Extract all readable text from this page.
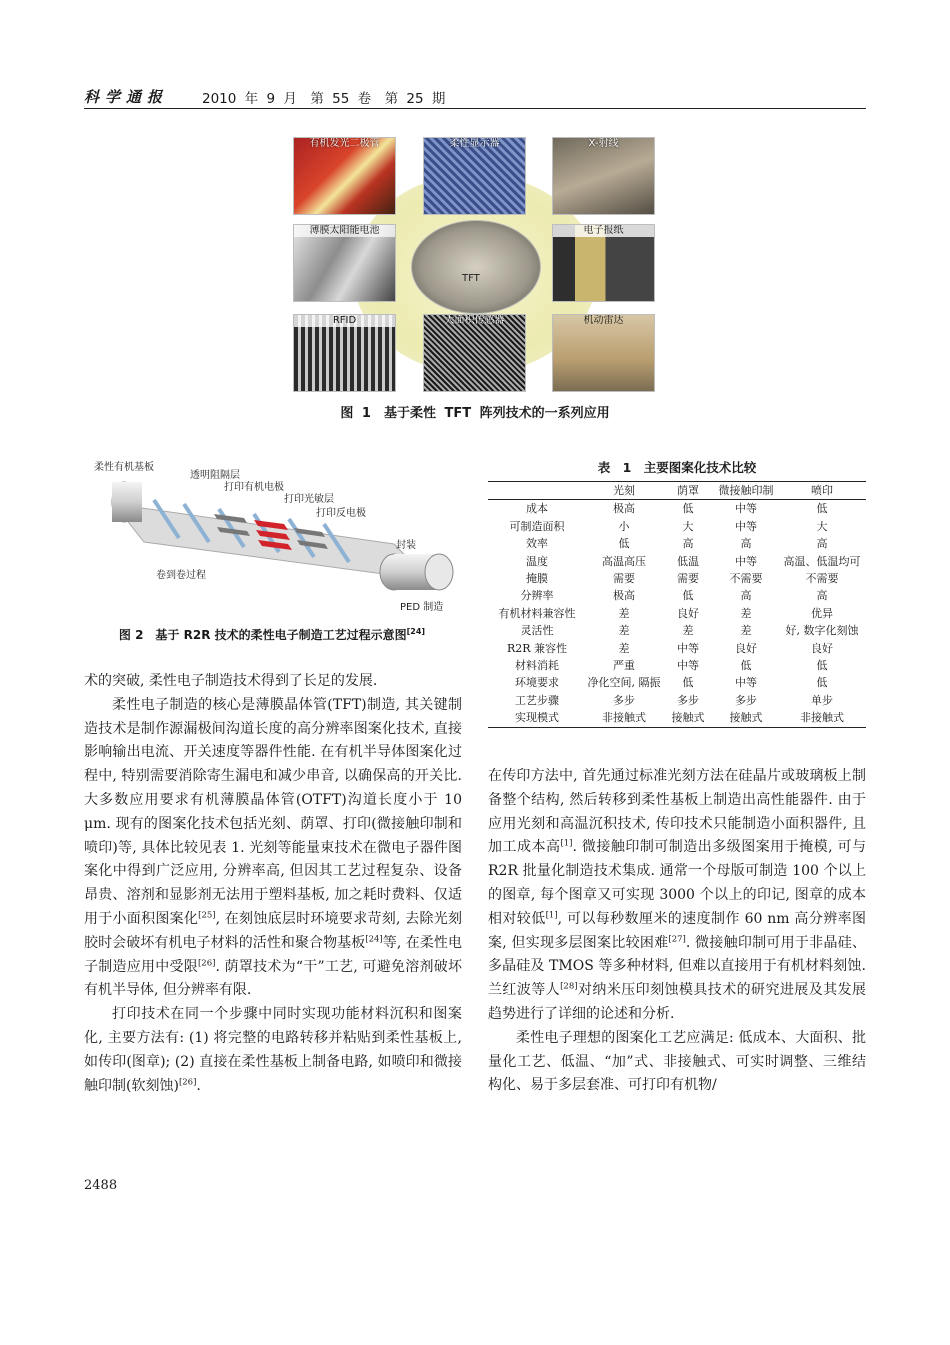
科学通报	2010 年 9 月　第 55 卷　第 25 期
有机发光二极管	柔性显示器	X-射线
薄膜太阳能电池
TFT
电子报纸
RFID	大面积传感器	机动雷达
图 1　基于柔性 TFT 阵列技术的一系列应用
柔性有机基板
透明阻隔层
打印有机电极
打印光敏层
打印反电极
封装
卷到卷过程
PED 制造
图 2　基于 R2R 技术的柔性电子制造工艺过程示意图[24]
表 1　主要图案化技术比较
	光刻	荫罩	微接触印制	喷印
成本	极高	低	中等	低
可制造面积	小	大	中等	大
效率	低	高	高	高
温度	高温高压	低温	中等	高温、低温均可
掩膜	需要	需要	不需要	不需要
分辨率	极高	低	高	高
有机材料兼容性	差	良好	差	优异
灵活性	差	差	差	好, 数字化刻蚀
R2R 兼容性	差	中等	良好	良好
材料消耗	严重	中等	低	低
环境要求	净化空间, 隔振	低	中等	低
工艺步骤	多步	多步	多步	单步
实现模式	非接触式	接触式	接触式	非接触式

术的突破, 柔性电子制造技术得到了长足的发展.

柔性电子制造的核心是薄膜晶体管(TFT)制造, 其关键制造技术是制作源漏极间沟道长度的高分辨率图案化技术, 直接影响输出电流、开关速度等器件性能. 在有机半导体图案化过程中, 特别需要消除寄生漏电和减少串音, 以确保高的开关比. 大多数应用要求有机薄膜晶体管(OTFT)沟道长度小于 10 μm. 现有的图案化技术包括光刻、荫罩、打印(微接触印制和喷印)等, 具体比较见表 1. 光刻等能量束技术在微电子器件图案化中得到广泛应用, 分辨率高, 但因其工艺过程复杂、设备昂贵、溶剂和显影剂无法用于塑料基板, 加之耗时费料、仅适用于小面积图案化[25], 在刻蚀底层时环境要求苛刻, 去除光刻胶时会破坏有机电子材料的活性和聚合物基板[24]等, 在柔性电子制造应用中受限[26]. 荫罩技术为“干”工艺, 可避免溶剂破坏有机半导体, 但分辨率有限.

打印技术在同一个步骤中同时实现功能材料沉积和图案化, 主要方法有: (1) 将完整的电路转移并粘贴到柔性基板上, 如传印(图章); (2) 直接在柔性基板上制备电路, 如喷印和微接触印制(软刻蚀)[26].

在传印方法中, 首先通过标准光刻方法在硅晶片或玻璃板上制备整个结构, 然后转移到柔性基板上制造出高性能器件. 由于应用光刻和高温沉积技术, 传印技术只能制造小面积器件, 且加工成本高[1]. 微接触印制可制造出多级图案用于掩模, 可与 R2R 批量化制造技术集成. 通常一个母版可制造 100 个以上的图章, 每个图章又可实现 3000 个以上的印记, 图章的成本相对较低[1], 可以每秒数厘米的速度制作 60 nm 高分辨率图案, 但实现多层图案比较困难[27]. 微接触印制可用于非晶硅、多晶硅及 TMOS 等多种材料, 但难以直接用于有机材料刻蚀. 兰红波等人[28]对纳米压印刻蚀模具技术的研究进展及其发展趋势进行了详细的论述和分析.

柔性电子理想的图案化工艺应满足: 低成本、大面积、批量化工艺、低温、“加”式、非接触式、可实时调整、三维结构化、易于多层套准、可打印有机物/

2488
